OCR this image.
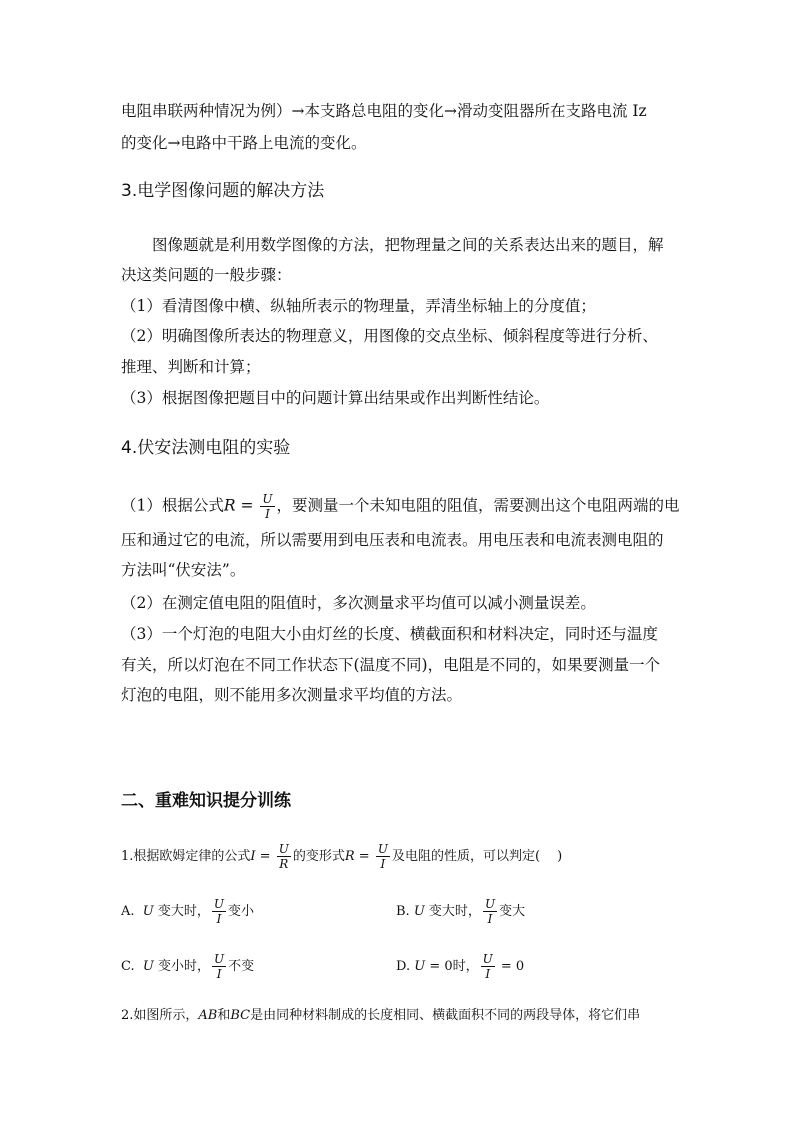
电阻串联两种情况为例）→本支路总电阻的变化→滑动变阻器所在支路电流 Iz
的变化→电路中干路上电流的变化。
3.电学图像问题的解决方法
图像题就是利用数学图像的方法，把物理量之间的关系表达出来的题目，解
决这类问题的一般步骤：
（1）看清图像中横、纵轴所表示的物理量，弄清坐标轴上的分度值；
（2）明确图像所表达的物理意义，用图像的交点坐标、倾斜程度等进行分析、
推理、判断和计算；
（3）根据图像把题目中的问题计算出结果或作出判断性结论。
4.伏安法测电阻的实验
（1）根据公式$R = \frac{U}{I}$ ，要测量一个未知电阻的阻值，需要测出这个电阻两端的电
压和通过它的电流，所以需要用到电压表和电流表。用电压表和电流表测电阻的
方法叫“伏安法”。
（2）在测定值电阻的阻值时，多次测量求平均值可以减小测量误差。
（3）一个灯泡的电阻大小由灯丝的长度、横截面积和材料决定，同时还与温度
有关，所以灯泡在不同工作状态下(温度不同)，电阻是不同的，如果要测量一个
灯泡的电阻，则不能用多次测量求平均值的方法。
二、重难知识提分训练
1.根据欧姆定律的公式$I = \frac{U}{R}$ 的变形式$R = \frac{U}{I}$ 及电阻的性质，可以判定(　 )
A. U 变大时， $\frac{U}{I}$ 变小	B. U 变大时， $\frac{U}{I}$ 变大
C. U 变小时， $\frac{U}{I}$ 不变	D. U = 0时， $\frac{U}{I} = 0$
2.如图所示，AB和BC是由同种材料制成的长度相同、横截面积不同的两段导体，将它们串
